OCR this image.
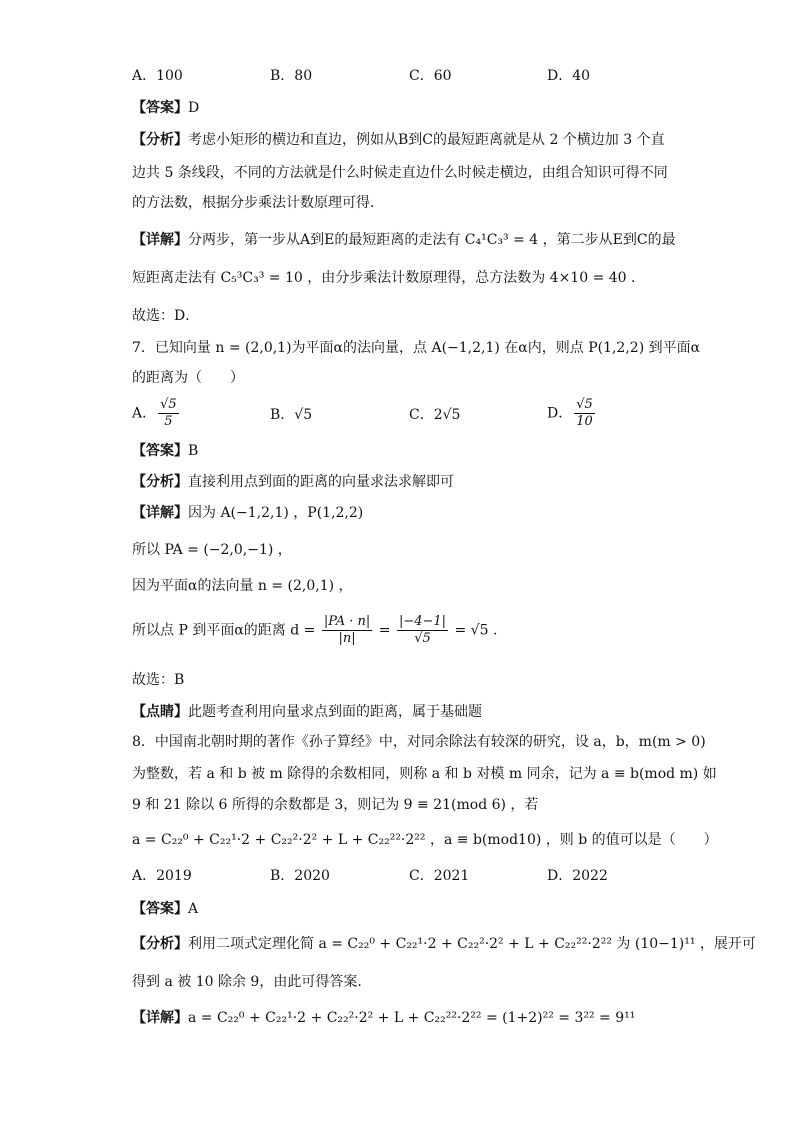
A．100	B．80	C．60	D．40
【答案】D
【分析】考虑小矩形的横边和直边，例如从B到C的最短距离就是从 2 个横边加 3 个直
边共 5 条线段，不同的方法就是什么时候走直边什么时候走横边，由组合知识可得不同
的方法数，根据分步乘法计数原理可得．
【详解】分两步，第一步从A到E的最短距离的走法有 C₄¹C₃³ = 4 ，第二步从E到C的最
短距离走法有 C₅³C₃³ = 10 ，由分步乘法计数原理得，总方法数为 4×10 = 40 ．
故选：D．
7．已知向量 n = (2,0,1)为平面α的法向量，点 A(−1,2,1) 在α内，则点 P(1,2,2) 到平面α
的距离为（　　）
A． $\frac{√5}{5}$	B．√5	C．2√5	D． $\frac{√5}{10}$
【答案】B
【分析】直接利用点到面的距离的向量求法求解即可
【详解】因为 A(−1,2,1) ，P(1,2,2)
所以 PA = (−2,0,−1) ，
因为平面α的法向量 n = (2,0,1) ，
所以点 P 到平面α的距离 $d = \frac{|PA \cdot n|}{|n|} = \frac{|-4-1|}{√5} = √5$ .
故选：B
【点睛】此题考查利用向量求点到面的距离，属于基础题
8．中国南北朝时期的著作《孙子算经》中，对同余除法有较深的研究，设 a，b，m(m > 0)
为整数，若 a 和 b 被 m 除得的余数相同，则称 a 和 b 对模 m 同余，记为 a ≡ b(mod m) 如
9 和 21 除以 6 所得的余数都是 3，则记为 9 ≡ 21(mod 6) ，若
a = C₂₂⁰ + C₂₂¹·2 + C₂₂²·2² + L + C₂₂²²·2²² ，a ≡ b(mod10) ，则 b 的值可以是（　　）
A．2019	B．2020	C．2021	D．2022
【答案】A
【分析】利用二项式定理化简 a = C₂₂⁰ + C₂₂¹·2 + C₂₂²·2² + L + C₂₂²²·2²² 为 (10−1)¹¹ ，展开可
得到 a 被 10 除余 9，由此可得答案.
【详解】a = C₂₂⁰ + C₂₂¹·2 + C₂₂²·2² + L + C₂₂²²·2²² = (1+2)²² = 3²² = 9¹¹
